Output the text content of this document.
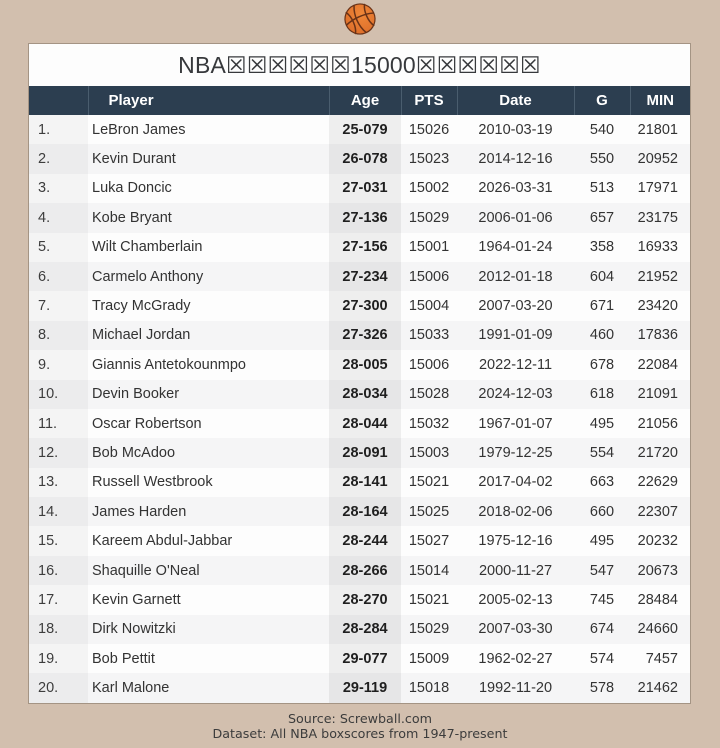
NBA☒☒☒☒☒☒15000☒☒☒☒☒☒
	Player	Age	PTS	Date	G	MIN
1.	LeBron James	25-079	15026	2010-03-19	540	21801
2.	Kevin Durant	26-078	15023	2014-12-16	550	20952
3.	Luka Doncic	27-031	15002	2026-03-31	513	17971
4.	Kobe Bryant	27-136	15029	2006-01-06	657	23175
5.	Wilt Chamberlain	27-156	15001	1964-01-24	358	16933
6.	Carmelo Anthony	27-234	15006	2012-01-18	604	21952
7.	Tracy McGrady	27-300	15004	2007-03-20	671	23420
8.	Michael Jordan	27-326	15033	1991-01-09	460	17836
9.	Giannis Antetokounmpo	28-005	15006	2022-12-11	678	22084
10.	Devin Booker	28-034	15028	2024-12-03	618	21091
11.	Oscar Robertson	28-044	15032	1967-01-07	495	21056
12.	Bob McAdoo	28-091	15003	1979-12-25	554	21720
13.	Russell Westbrook	28-141	15021	2017-04-02	663	22629
14.	James Harden	28-164	15025	2018-02-06	660	22307
15.	Kareem Abdul-Jabbar	28-244	15027	1975-12-16	495	20232
16.	Shaquille O'Neal	28-266	15014	2000-11-27	547	20673
17.	Kevin Garnett	28-270	15021	2005-02-13	745	28484
18.	Dirk Nowitzki	28-284	15029	2007-03-30	674	24660
19.	Bob Pettit	29-077	15009	1962-02-27	574	7457
20.	Karl Malone	29-119	15018	1992-11-20	578	21462
Source: Screwball.com
Dataset: All NBA boxscores from 1947-present
